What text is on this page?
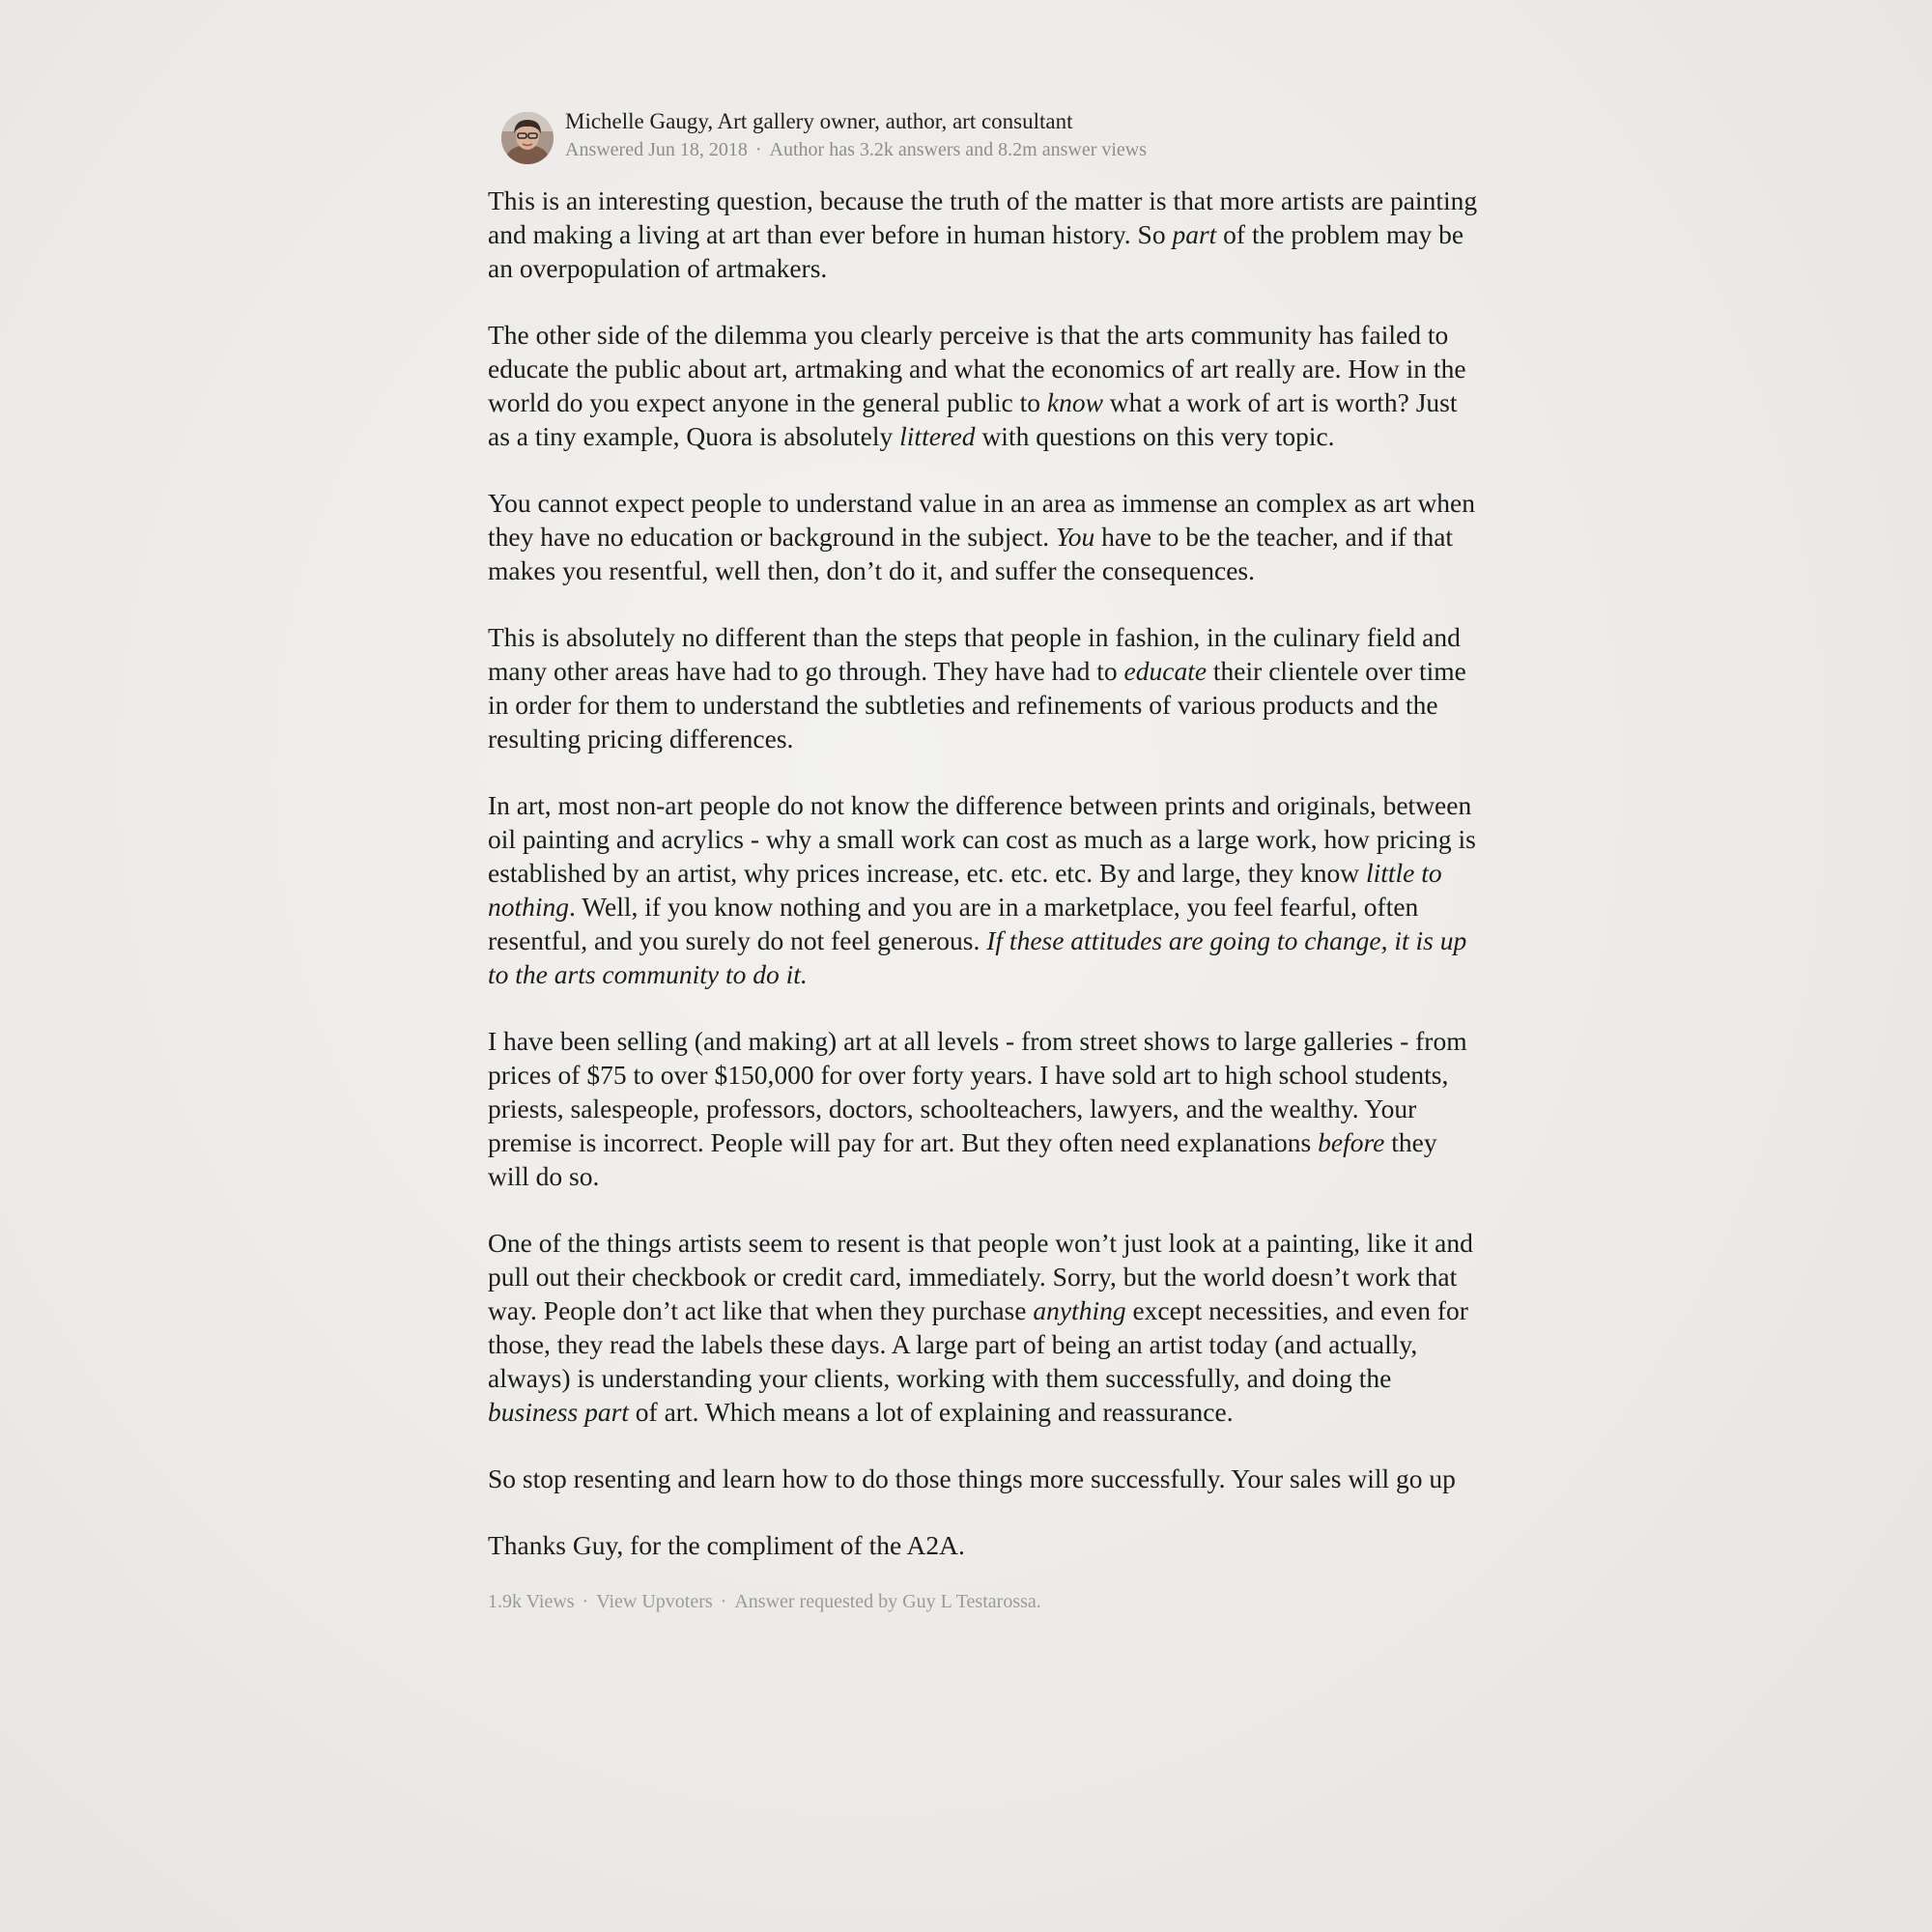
Michelle Gaugy, Art gallery owner, author, art consultant
Answered Jun 18, 2018 · Author has 3.2k answers and 8.2m answer views

This is an interesting question, because the truth of the matter is that more artists are painting and making a living at art than ever before in human history. So part of the problem may be an overpopulation of artmakers.

The other side of the dilemma you clearly perceive is that the arts community has failed to educate the public about art, artmaking and what the economics of art really are. How in the world do you expect anyone in the general public to know what a work of art is worth? Just as a tiny example, Quora is absolutely littered with questions on this very topic.

You cannot expect people to understand value in an area as immense an complex as art when they have no education or background in the subject. You have to be the teacher, and if that makes you resentful, well then, don’t do it, and suffer the consequences.

This is absolutely no different than the steps that people in fashion, in the culinary field and many other areas have had to go through. They have had to educate their clientele over time in order for them to understand the subtleties and refinements of various products and the resulting pricing differences.

In art, most non-art people do not know the difference between prints and originals, between oil painting and acrylics - why a small work can cost as much as a large work, how pricing is established by an artist, why prices increase, etc. etc. etc. By and large, they know little to nothing. Well, if you know nothing and you are in a marketplace, you feel fearful, often resentful, and you surely do not feel generous. If these attitudes are going to change, it is up to the arts community to do it.

I have been selling (and making) art at all levels - from street shows to large galleries - from prices of $75 to over $150,000 for over forty years. I have sold art to high school students, priests, salespeople, professors, doctors, schoolteachers, lawyers, and the wealthy. Your premise is incorrect. People will pay for art. But they often need explanations before they will do so.

One of the things artists seem to resent is that people won’t just look at a painting, like it and pull out their checkbook or credit card, immediately. Sorry, but the world doesn’t work that way. People don’t act like that when they purchase anything except necessities, and even for those, they read the labels these days. A large part of being an artist today (and actually, always) is understanding your clients, working with them successfully, and doing the business part of art. Which means a lot of explaining and reassurance.

So stop resenting and learn how to do those things more successfully. Your sales will go up

Thanks Guy, for the compliment of the A2A.

1.9k Views · View Upvoters · Answer requested by Guy L Testarossa.
